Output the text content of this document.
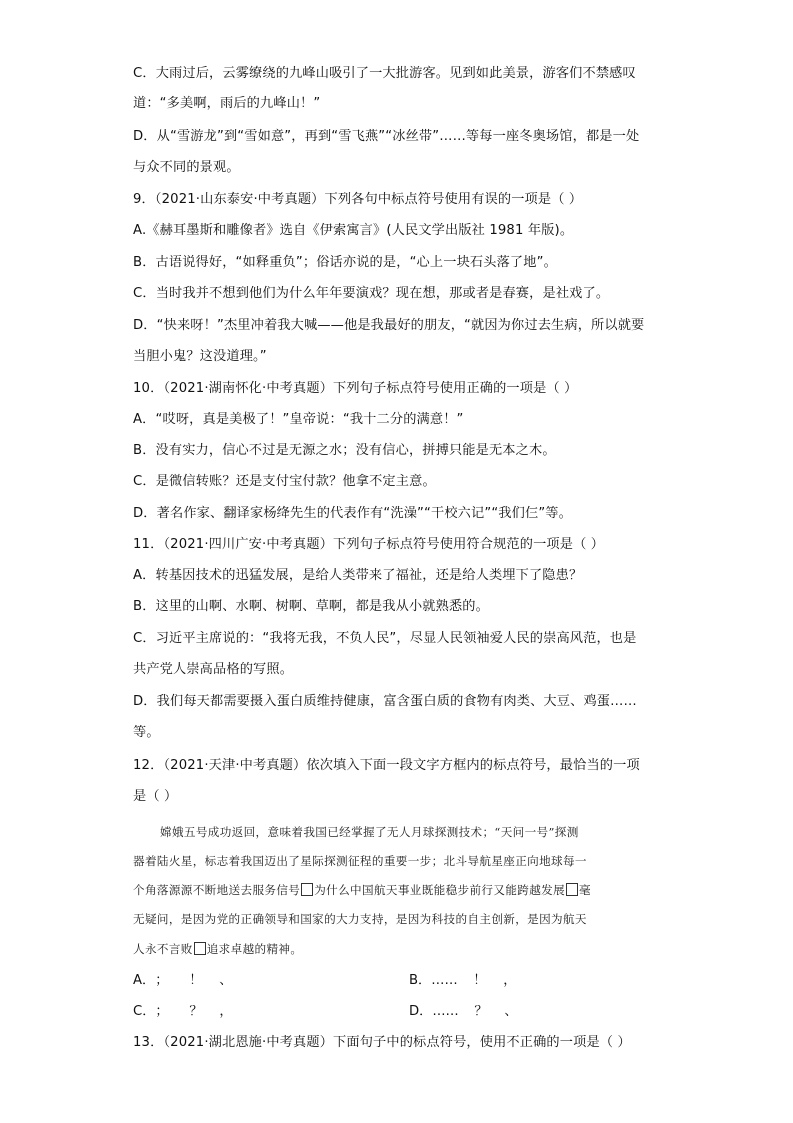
C．大雨过后，云雾缭绕的九峰山吸引了一大批游客。见到如此美景，游客们不禁感叹
道：“多美啊，雨后的九峰山！”
D．从“雪游龙”到“雪如意”，再到“雪飞燕”“冰丝带”……等每一座冬奥场馆，都是一处
与众不同的景观。
9．（2021·山东泰安·中考真题）下列各句中标点符号使用有误的一项是（ ）
A.《赫耳墨斯和雕像者》选自《伊索寓言》(人民文学出版社 1981 年版)。
B．古语说得好，“如释重负”；俗话亦说的是，“心上一块石头落了地”。
C．当时我并不想到他们为什么年年要演戏？现在想，那或者是春赛，是社戏了。
D．“快来呀！”杰里冲着我大喊——他是我最好的朋友，“就因为你过去生病，所以就要
当胆小鬼？这没道理。”
10．（2021·湖南怀化·中考真题）下列句子标点符号使用正确的一项是（ ）
A．“哎呀，真是美极了！”皇帝说：“我十二分的满意！”
B．没有实力，信心不过是无源之水；没有信心，拼搏只能是无本之木。
C．是微信转账？还是支付宝付款？他拿不定主意。
D．著名作家、翻译家杨绛先生的代表作有“洗澡”“干校六记”“我们仨”等。
11．（2021·四川广安·中考真题）下列句子标点符号使用符合规范的一项是（ ）
A．转基因技术的迅猛发展，是给人类带来了福祉，还是给人类埋下了隐患？
B．这里的山啊、水啊、树啊、草啊，都是我从小就熟悉的。
C．习近平主席说的：“我将无我，不负人民”，尽显人民领袖爱人民的崇高风范，也是
共产党人崇高品格的写照。
D．我们每天都需要摄入蛋白质维持健康，富含蛋白质的食物有肉类、大豆、鸡蛋……
等。
12．（2021·天津·中考真题）依次填入下面一段文字方框内的标点符号，最恰当的一项
是（ ）
嫦娥五号成功返回，意味着我国已经掌握了无人月球探测技术；“天问一号”探测
器着陆火星，标志着我国迈出了星际探测征程的重要一步；北斗导航星座正向地球每一
个角落源源不断地送去服务信号 为什么中国航天事业既能稳步前行又能跨越发展 毫
无疑问，是因为党的正确领导和国家的大力支持，是因为科技的自主创新，是因为航天
人永不言败 追求卓越的精神。
A．； ！ 、	B．…… ！ ，
C．； ？ ，	D．…… ？ 、
13．（2021·湖北恩施·中考真题）下面句子中的标点符号，使用不正确的一项是（ ）
